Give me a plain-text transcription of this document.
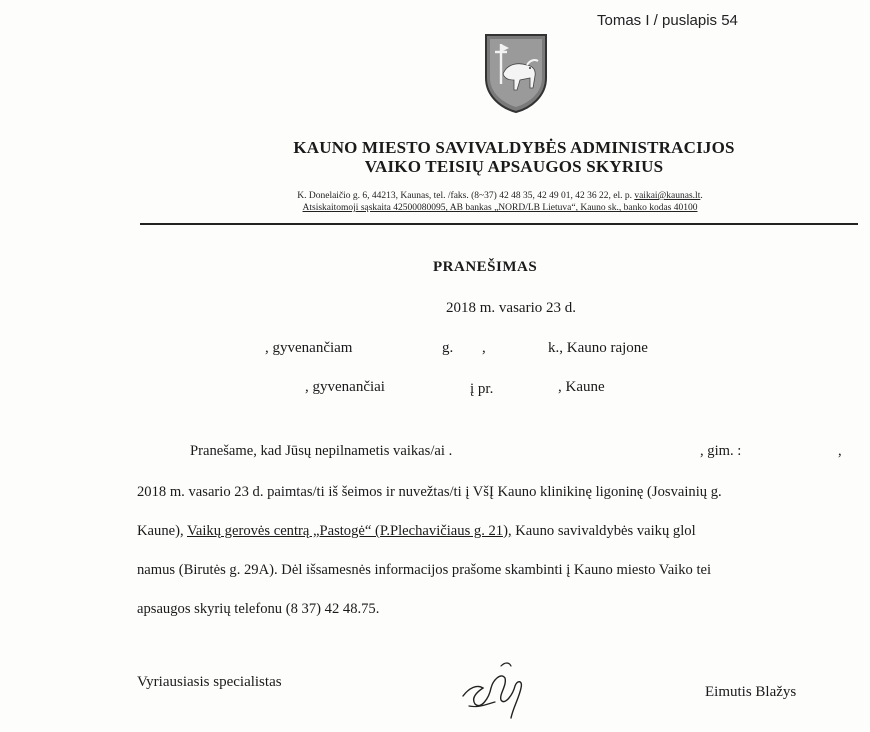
Tomas I / puslapis 54
KAUNO MIESTO SAVIVALDYBĖS ADMINISTRACIJOS
VAIKO TEISIŲ APSAUGOS SKYRIUS
K. Donelaičio g. 6, 44213, Kaunas, tel. /faks. (8~37) 42 48 35, 42 49 01, 42 36 22, el. p. vaikai@kaunas.lt.
Atsiskaitomoji sąskaita 42500080095, AB bankas „NORD/LB Lietuva“, Kauno sk., banko kodas 40100
PRANEŠIMAS
2018 m. vasario 23 d.
, gyvenančiam	g. ,	k., Kauno rajone
, gyvenančiai	į pr.	, Kaune
Pranešame, kad Jūsų nepilnametis vaikas/ai .	, gim. :	,
2018 m. vasario 23 d. paimtas/ti iš šeimos ir nuvežtas/ti į VšĮ Kauno klinikinę ligoninę (Josvainių g.
Kaune), Vaikų gerovės centrą „Pastogė“ (P.Plechavičiaus g. 21), Kauno savivaldybės vaikų glol
namus (Birutės g. 29A). Dėl išsamesnės informacijos prašome skambinti į Kauno miesto Vaiko tei
apsaugos skyrių telefonu (8 37) 42 48.75.
Vyriausiasis specialistas
Eimutis Blažys
